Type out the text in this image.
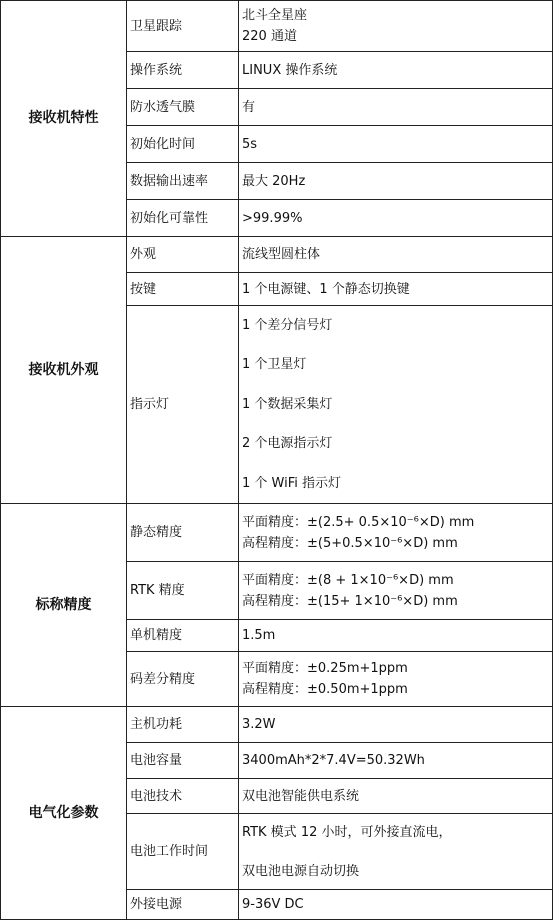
接收机特性	卫星跟踪	北斗全星座
220 通道

	操作系统	LINUX 操作系统
	防水透气膜	有
	初始化时间	5s
	数据输出速率	最大 20Hz
	初始化可靠性	>99.99%
接收机外观	外观	流线型圆柱体
	按键	1 个电源键、1 个静态切换键
	指示灯	1 个差分信号灯
1 个卫星灯
1 个数据采集灯
2 个电源指示灯
1 个 WiFi 指示灯

标称精度	静态精度	平面精度：±(2.5+ 0.5×10⁻⁶×D) mm
高程精度：±(5+0.5×10⁻⁶×D) mm

	RTK 精度	平面精度：±(8 + 1×10⁻⁶×D) mm
高程精度：±(15+ 1×10⁻⁶×D) mm

	单机精度	1.5m
	码差分精度	平面精度：±0.25m+1ppm
高程精度：±0.50m+1ppm

电气化参数	主机功耗	3.2W
	电池容量	3400mAh*2*7.4V=50.32Wh
	电池技术	双电池智能供电系统
	电池工作时间	RTK 模式 12 小时，可外接直流电，
双电池电源自动切换

	外接电源	9-36V DC
